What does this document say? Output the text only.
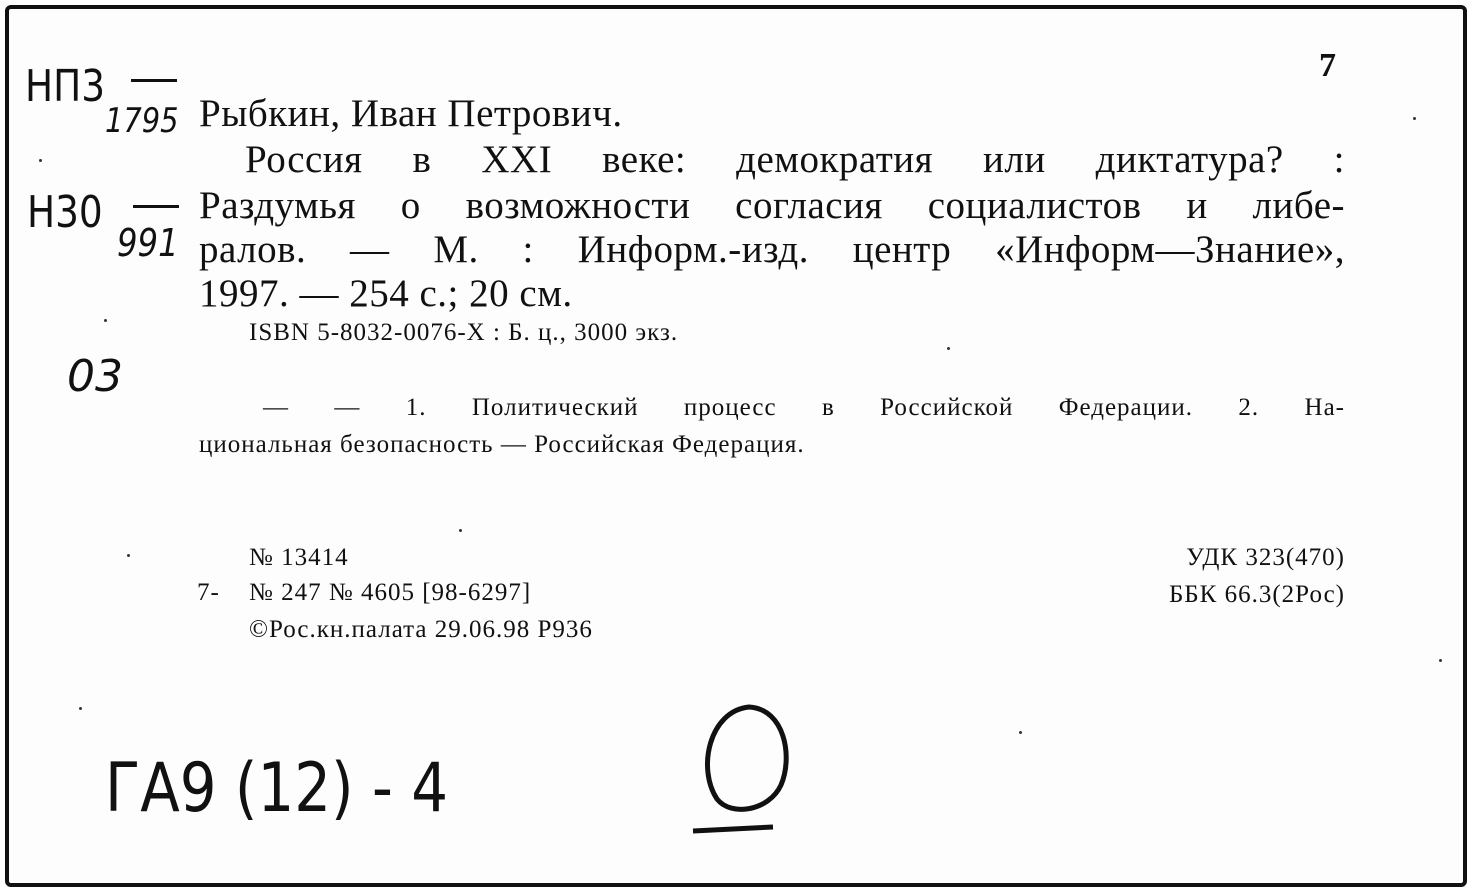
7
НП3
1795
Н30
991
03
Рыбкин, Иван Петрович.
Россия в XXI веке: демократия или диктатура? :
Раздумья о возможности согласия социалистов и либе-
ралов. — М. : Информ.-изд. центр «Информ—Знание»,
1997. — 254 с.; 20 см.
ISBN 5-8032-0076-X : Б. ц., 3000 экз.
— — 1. Политический процесс в Российской Федерации. 2. На-
циональная безопасность — Российская Федерация.
№ 13414
7- № 247 № 4605 [98-6297]
©Рос.кн.палата 29.06.98 Р936
УДК 323(470)
ББК 66.3(2Рос)
ГА9 (12) - 4
